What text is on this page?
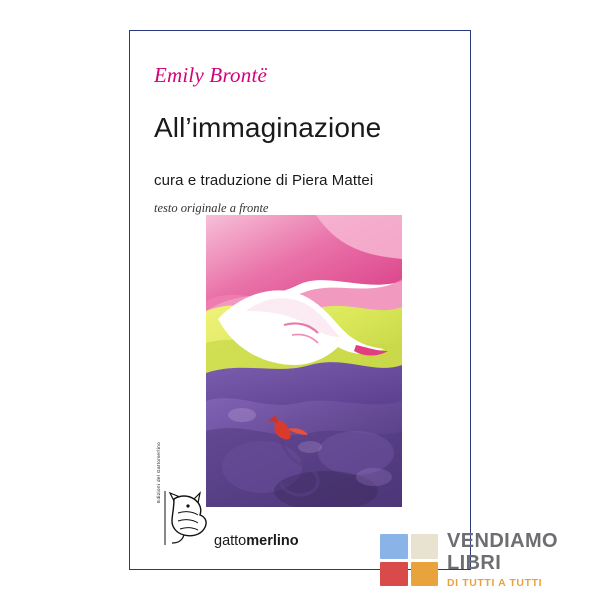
Emily Brontë
All’immaginazione
cura e traduzione di Piera Mattei
testo originale a fronte
Edizioni del Gattomerlino
gattomerlino	VENDIAMO
LIBRI
DI TUTTI A TUTTI
